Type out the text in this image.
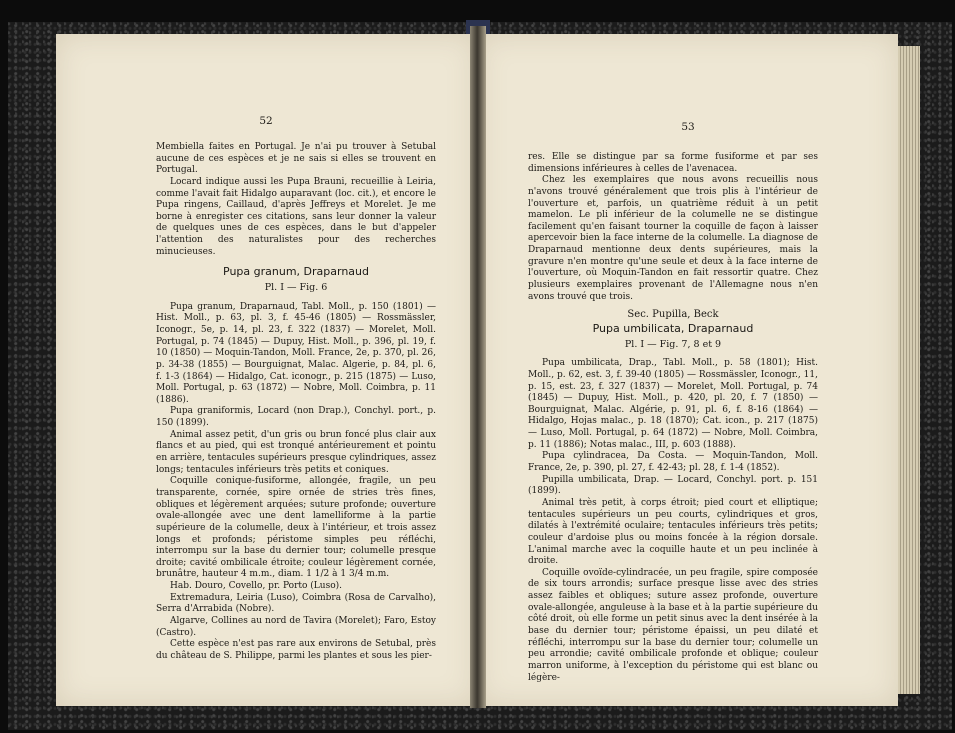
52

Membiella faites en Portugal. Je n'ai pu trouver à Setubal aucune de ces espèces et je ne sais si elles se trouvent en Portugal.

Locard indique aussi les Pupa Brauni, recueillie à Leiria, comme l'avait fait Hidalgo auparavant (loc. cit.), et encore le Pupa ringens, Caillaud, d'après Jeffreys et Morelet. Je me borne à enregister ces citations, sans leur donner la valeur de quelques unes de ces espèces, dans le but d'appeler l'attention des naturalistes pour des recherches minucieuses.

Pupa granum, Draparnaud
Pl. I — Fig. 6

Pupa granum, Draparnaud, Tabl. Moll., p. 150 (1801) — Hist. Moll., p. 63, pl. 3, f. 45-46 (1805) — Rossmässler, Iconogr., 5e, p. 14, pl. 23, f. 322 (1837) — Morelet, Moll. Portugal, p. 74 (1845) — Dupuy, Hist. Moll., p. 396, pl. 19, f. 10 (1850) — Moquin-Tandon, Moll. France, 2e, p. 370, pl. 26, p. 34-38 (1855) — Bourguignat, Malac. Algerie, p. 84, pl. 6, f. 1-3 (1864) — Hidalgo, Cat. iconogr., p. 215 (1875) — Luso, Moll. Portugal, p. 63 (1872) — Nobre, Moll. Coimbra, p. 11 (1886).

Pupa graniformis, Locard (non Drap.), Conchyl. port., p. 150 (1899).

Animal assez petit, d'un gris ou brun foncé plus clair aux flancs et au pied, qui est tronqué antérieurement et pointu en arrière, tentacules supérieurs presque cylindriques, assez longs; tentacules inférieurs très petits et coniques.

Coquille conique-fusiforme, allongée, fragile, un peu transparente, cornée, spire ornée de stries très fines, obliques et légèrement arquées; suture profonde; ouverture ovale-allongée avec une dent lamelliforme à la partie supérieure de la columelle, deux à l'intérieur, et trois assez longs et profonds; péristome simples peu réfléchi, interrompu sur la base du dernier tour; columelle presque droite; cavité ombilicale étroite; couleur légèrement cornée, brunâtre, hauteur 4 m.m., diam. 1 1/2 à 1 3/4 m.m.

Hab. Douro, Covello, pr. Porto (Luso).

Extremadura, Leiria (Luso), Coimbra (Rosa de Carvalho), Serra d'Arrabida (Nobre).

Algarve, Collines au nord de Tavira (Morelet); Faro, Estoy (Castro).

Cette espèce n'est pas rare aux environs de Setubal, près du château de S. Philippe, parmi les plantes et sous les pier-

53

res. Elle se distingue par sa forme fusiforme et par ses dimensions inférieures à celles de l'avenacea.

Chez les exemplaires que nous avons recueillis nous n'avons trouvé généralement que trois plis à l'intérieur de l'ouverture et, parfois, un quatrième réduit à un petit mamelon. Le pli inférieur de la columelle ne se distingue facilement qu'en faisant tourner la coquille de façon à laisser apercevoir bien la face interne de la columelle. La diagnose de Draparnaud mentionne deux dents supérieures, mais la gravure n'en montre qu'une seule et deux à la face interne de l'ouverture, où Moquin-Tandon en fait ressortir quatre. Chez plusieurs exemplaires provenant de l'Allemagne nous n'en avons trouvé que trois.

Sec. Pupilla, Beck
Pupa umbilicata, Draparnaud
Pl. I — Fig. 7, 8 et 9

Pupa umbilicata, Drap., Tabl. Moll., p. 58 (1801); Hist. Moll., p. 62, est. 3, f. 39-40 (1805) — Rossmässler, Iconogr., 11, p. 15, est. 23, f. 327 (1837) — Morelet, Moll. Portugal, p. 74 (1845) — Dupuy, Hist. Moll., p. 420, pl. 20, f. 7 (1850) — Bourguignat, Malac. Algérie, p. 91, pl. 6, f. 8-16 (1864) — Hidalgo, Hojas malac., p. 18 (1870); Cat. icon., p. 217 (1875) — Luso, Moll. Portugal, p. 64 (1872) — Nobre, Moll. Coimbra, p. 11 (1886); Notas malac., III, p. 603 (1888).

Pupa cylindracea, Da Costa. — Moquin-Tandon, Moll. France, 2e, p. 390, pl. 27, f. 42-43; pl. 28, f. 1-4 (1852).

Pupilla umbilicata, Drap. — Locard, Conchyl. port. p. 151 (1899).

Animal très petit, à corps étroit; pied court et elliptique; tentacules supérieurs un peu courts, cylindriques et gros, dilatés à l'extrémité oculaire; tentacules inférieurs très petits; couleur d'ardoise plus ou moins foncée à la région dorsale. L'animal marche avec la coquille haute et un peu inclinée à droite.

Coquille ovoïde-cylindracée, un peu fragile, spire composée de six tours arrondis; surface presque lisse avec des stries assez faibles et obliques; suture assez profonde, ouverture ovale-allongée, anguleuse à la base et à la partie supérieure du côté droit, où elle forme un petit sinus avec la dent insérée à la base du dernier tour; péristome épaissi, un peu dilaté et réfléchi, interrompu sur la base du dernier tour; columelle un peu arrondie; cavité ombilicale profonde et oblique; couleur marron uniforme, à l'exception du péristome qui est blanc ou légère-
